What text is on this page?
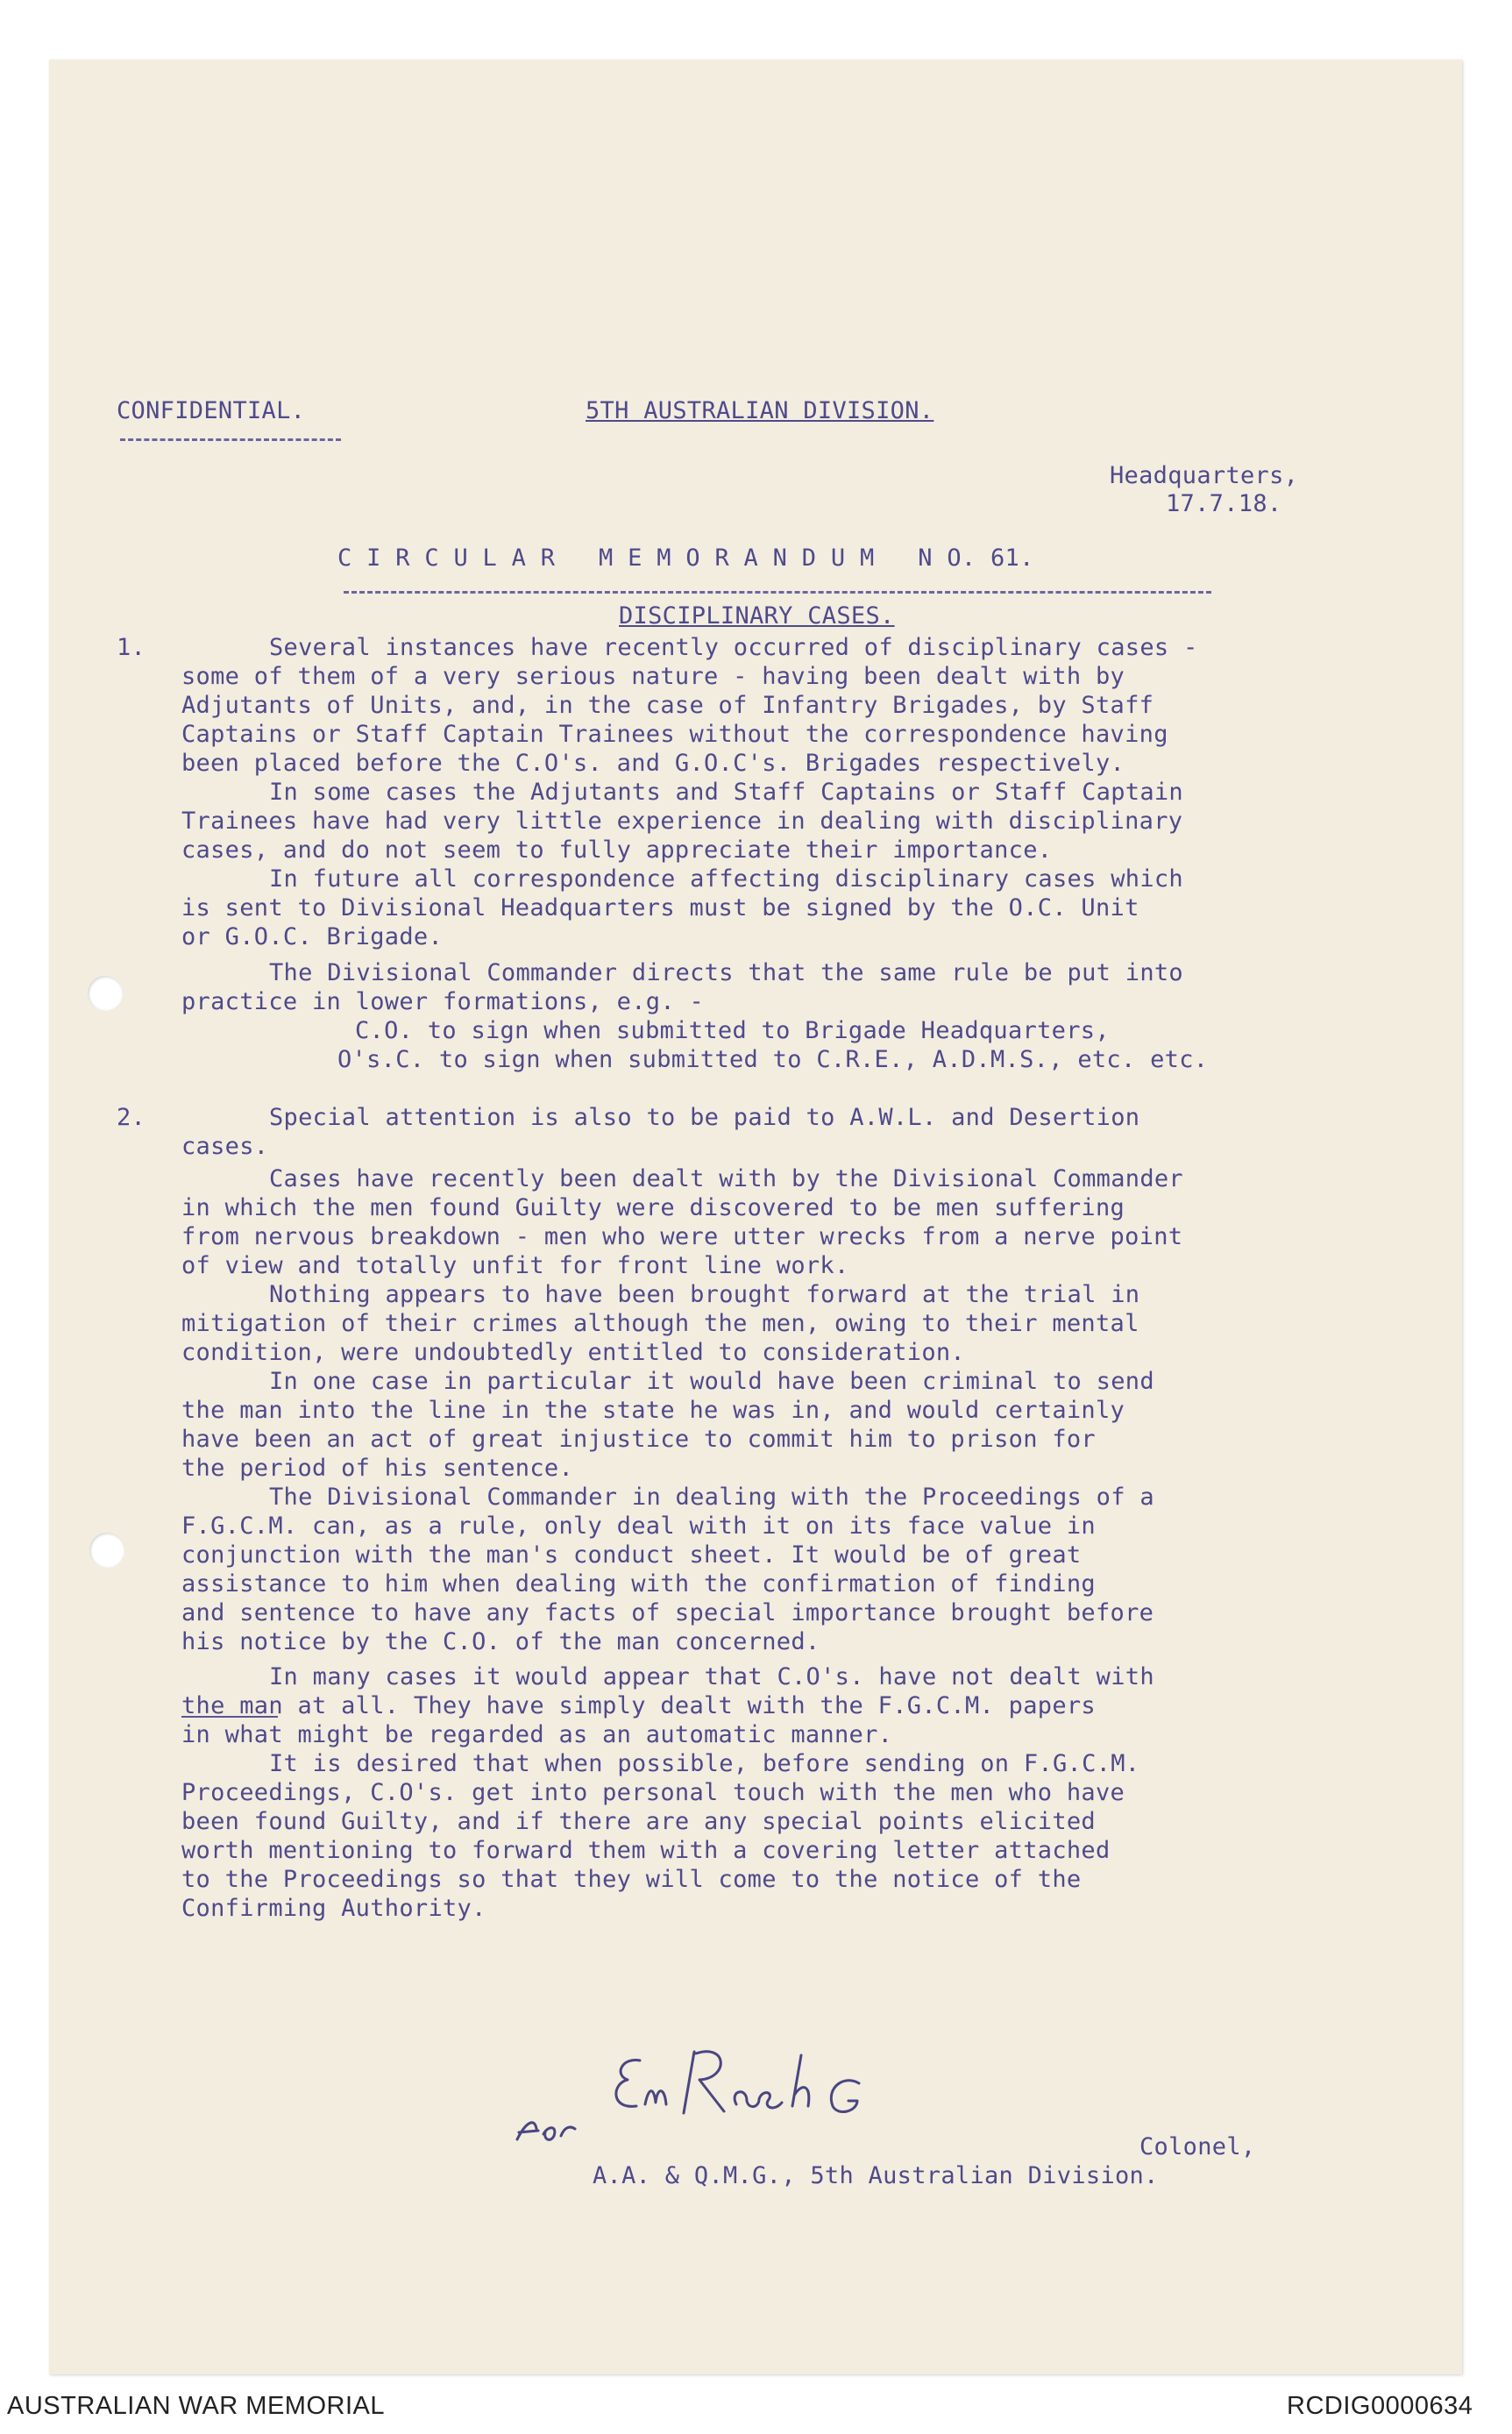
CONFIDENTIAL.	5TH AUSTRALIAN DIVISION.
Headquarters,
17.7.18.
C I R C U L A R   M E M O R A N D U M   N O. 61.
DISCIPLINARY CASES.
1.	Several instances have recently occurred of disciplinary cases -
some of them of a very serious nature - having been dealt with by
Adjutants of Units, and, in the case of Infantry Brigades, by Staff
Captains or Staff Captain Trainees without the correspondence having
been placed before the C.O's. and G.O.C's. Brigades respectively.
In some cases the Adjutants and Staff Captains or Staff Captain
Trainees have had very little experience in dealing with disciplinary
cases, and do not seem to fully appreciate their importance.
In future all correspondence affecting disciplinary cases which
is sent to Divisional Headquarters must be signed by the O.C. Unit
or G.O.C. Brigade.
The Divisional Commander directs that the same rule be put into
practice in lower formations, e.g. -
C.O. to sign when submitted to Brigade Headquarters,
O's.C. to sign when submitted to C.R.E., A.D.M.S., etc. etc.
2.	Special attention is also to be paid to A.W.L. and Desertion
cases.
Cases have recently been dealt with by the Divisional Commander
in which the men found Guilty were discovered to be men suffering
from nervous breakdown - men who were utter wrecks from a nerve point
of view and totally unfit for front line work.
Nothing appears to have been brought forward at the trial in
mitigation of their crimes although the men, owing to their mental
condition, were undoubtedly entitled to consideration.
In one case in particular it would have been criminal to send
the man into the line in the state he was in, and would certainly
have been an act of great injustice to commit him to prison for
the period of his sentence.
The Divisional Commander in dealing with the Proceedings of a
F.G.C.M. can, as a rule, only deal with it on its face value in
conjunction with the man's conduct sheet. It would be of great
assistance to him when dealing with the confirmation of finding
and sentence to have any facts of special importance brought before
his notice by the C.O. of the man concerned.
In many cases it would appear that C.O's. have not dealt with
the man at all. They have simply dealt with the F.G.C.M. papers
in what might be regarded as an automatic manner.
It is desired that when possible, before sending on F.G.C.M.
Proceedings, C.O's. get into personal touch with the men who have
been found Guilty, and if there are any special points elicited
worth mentioning to forward them with a covering letter attached
to the Proceedings so that they will come to the notice of the
Confirming Authority.
Colonel,
A.A. & Q.M.G., 5th Australian Division.
AUSTRALIAN WAR MEMORIAL	RCDIG0000634
